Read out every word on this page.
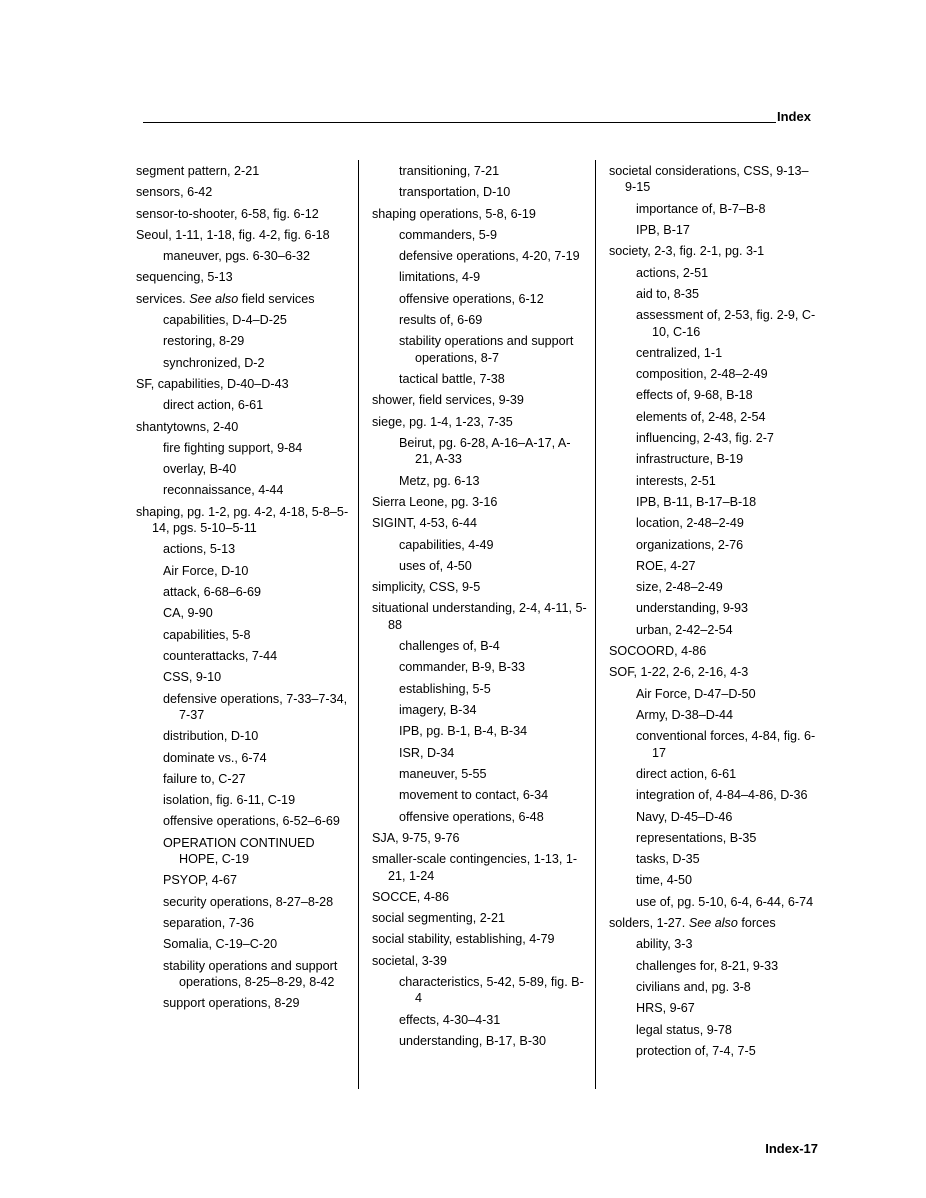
Index
segment pattern, 2-21
sensors, 6-42
sensor-to-shooter, 6-58, fig. 6-12
Seoul, 1-11, 1-18, fig. 4-2, fig. 6-18
maneuver, pgs. 6-30–6-32
sequencing, 5-13
services. See also field services
capabilities, D-4–D-25
restoring, 8-29
synchronized, D-2
SF, capabilities, D-40–D-43
direct action, 6-61
shantytowns, 2-40
fire fighting support, 9-84
overlay, B-40
reconnaissance, 4-44
shaping, pg. 1-2, pg. 4-2, 4-18, 5-8–5-14, pgs. 5-10–5-11
actions, 5-13
Air Force, D-10
attack, 6-68–6-69
CA, 9-90
capabilities, 5-8
counterattacks, 7-44
CSS, 9-10
defensive operations, 7-33–7-34, 7-37
distribution, D-10
dominate vs., 6-74
failure to, C-27
isolation, fig. 6-11, C-19
offensive operations, 6-52–6-69
OPERATION CONTINUED HOPE, C-19
PSYOP, 4-67
security operations, 8-27–8-28
separation, 7-36
Somalia, C-19–C-20
stability operations and support operations, 8-25–8-29, 8-42
support operations, 8-29
transitioning, 7-21
transportation, D-10
shaping operations, 5-8, 6-19
commanders, 5-9
defensive operations, 4-20, 7-19
limitations, 4-9
offensive operations, 6-12
results of, 6-69
stability operations and support operations, 8-7
tactical battle, 7-38
shower, field services, 9-39
siege, pg. 1-4, 1-23, 7-35
Beirut, pg. 6-28, A-16–A-17, A-21, A-33
Metz, pg. 6-13
Sierra Leone, pg. 3-16
SIGINT, 4-53, 6-44
capabilities, 4-49
uses of, 4-50
simplicity, CSS, 9-5
situational understanding, 2-4, 4-11, 5-88
challenges of, B-4
commander, B-9, B-33
establishing, 5-5
imagery, B-34
IPB, pg. B-1, B-4, B-34
ISR, D-34
maneuver, 5-55
movement to contact, 6-34
offensive operations, 6-48
SJA, 9-75, 9-76
smaller-scale contingencies, 1-13, 1-21, 1-24
SOCCE, 4-86
social segmenting, 2-21
social stability, establishing, 4-79
societal, 3-39
characteristics, 5-42, 5-89, fig. B-4
effects, 4-30–4-31
understanding, B-17, B-30
societal considerations, CSS, 9-13–9-15
importance of, B-7–B-8
IPB, B-17
society, 2-3, fig. 2-1, pg. 3-1
actions, 2-51
aid to, 8-35
assessment of, 2-53, fig. 2-9, C-10, C-16
centralized, 1-1
composition, 2-48–2-49
effects of, 9-68, B-18
elements of, 2-48, 2-54
influencing, 2-43, fig. 2-7
infrastructure, B-19
interests, 2-51
IPB, B-11, B-17–B-18
location, 2-48–2-49
organizations, 2-76
ROE, 4-27
size, 2-48–2-49
understanding, 9-93
urban, 2-42–2-54
SOCOORD, 4-86
SOF, 1-22, 2-6, 2-16, 4-3
Air Force, D-47–D-50
Army, D-38–D-44
conventional forces, 4-84, fig. 6-17
direct action, 6-61
integration of, 4-84–4-86, D-36
Navy, D-45–D-46
representations, B-35
tasks, D-35
time, 4-50
use of, pg. 5-10, 6-4, 6-44, 6-74
solders, 1-27. See also forces
ability, 3-3
challenges for, 8-21, 9-33
civilians and, pg. 3-8
HRS, 9-67
legal status, 9-78
protection of, 7-4, 7-5
Index-17
